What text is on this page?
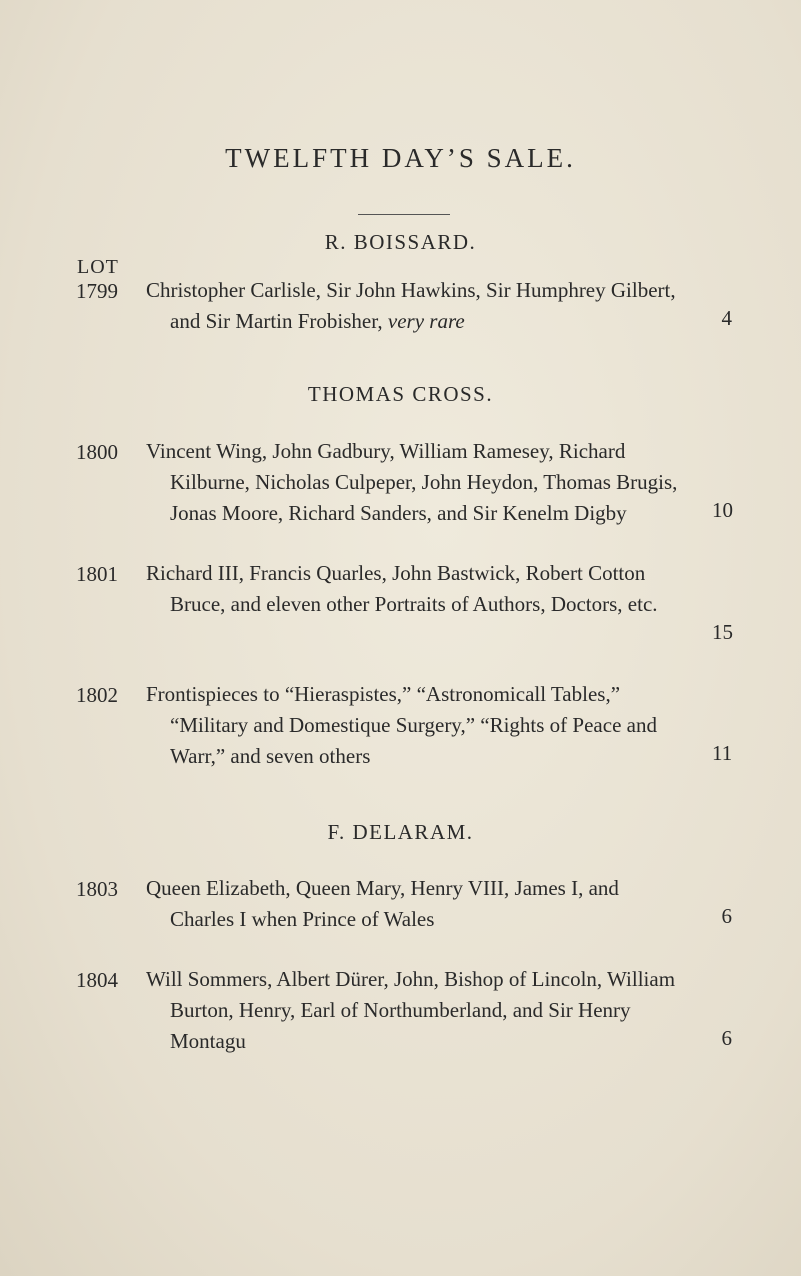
TWELFTH DAY’S SALE.
R. BOISSARD.
LOT
1799 Christopher Carlisle, Sir John Hawkins, Sir Humphrey Gilbert,
and Sir Martin Frobisher, very rare	4
THOMAS CROSS.
1800 Vincent Wing, John Gadbury, William Ramesey, Richard
Kilburne, Nicholas Culpeper, John Heydon, Thomas Brugis,
Jonas Moore, Richard Sanders, and Sir Kenelm Digby	10
1801 Richard III, Francis Quarles, John Bastwick, Robert Cotton
Bruce, and eleven other Portraits of Authors, Doctors, etc.
15
1802 Frontispieces to “Hieraspistes,” “Astronomicall Tables,”
“Military and Domestique Surgery,” “Rights of Peace and
Warr,” and seven others	11
F. DELARAM.
1803 Queen Elizabeth, Queen Mary, Henry VIII, James I, and
Charles I when Prince of Wales	6
1804 Will Sommers, Albert Dürer, John, Bishop of Lincoln, William
Burton, Henry, Earl of Northumberland, and Sir Henry
Montagu	6
